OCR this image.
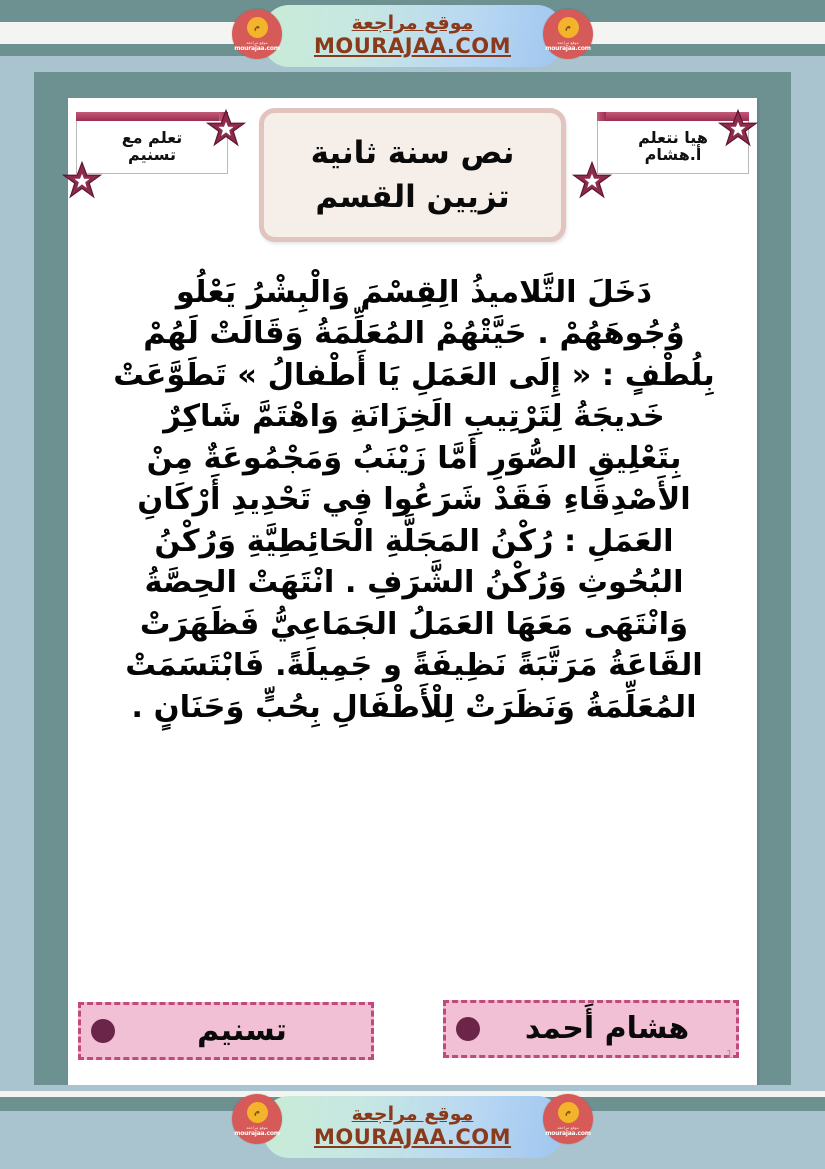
م
موقع مراجعة
mourajaa.com
موقع مراجعة
MOURAJAA.COM
م
موقع مراجعة
mourajaa.com
تعلم مع
تسنيم
هيا نتعلم
أ.هشام
نص سنة ثانية
تزيين القسم
دَخَلَ التَّلاميذُ الِقِسْمَ وَالْبِشْرُ يَعْلُو
وُجُوهَهُمْ . حَيَّتْهُمْ المُعَلِّمَةُ وَقَالَتْ لَهُمْ
بِلُطْفٍ : « إِلَى العَمَلِ يَا أَطْفالُ » تَطَوَّعَتْ
خَديجَةُ لِتَرْتِيبِ الَخِزَانَةِ وَاهْتَمَّ شَاكِرٌ
بِتَعْلِيقِ الصُّوَرِ أَمَّا زَيْنَبُ وَمَجْمُوعَةٌ مِنْ
الأَصْدِقَاءِ فَقَدْ شَرَعُوا فِي تَحْدِيدِ أَرْكَانِ
العَمَلِ : رُكْنُ المَجَلَّةِ الْحَائِطِيَّةِ وَرُكْنُ
البُحُوثِ وَرُكْنُ الشَّرَفِ . انْتَهَتْ الحِصَّةُ
وَانْتَهَى مَعَهَا العَمَلُ الجَمَاعِيُّ فَظَهَرَتْ
القَاعَةُ مَرَتَّبَةً نَظِيفَةً و جَمِيلَةً. فَابْتَسَمَتْ
المُعَلِّمَةُ وَنَظَرَتْ لِلْأَطْفَالِ بِحُبٍّ وَحَنَانٍ .
هشام أَحمد
تسنيم
1
م
موقع مراجعة
mourajaa.com
موقع مراجعة
MOURAJAA.COM
م
موقع مراجعة
mourajaa.com
